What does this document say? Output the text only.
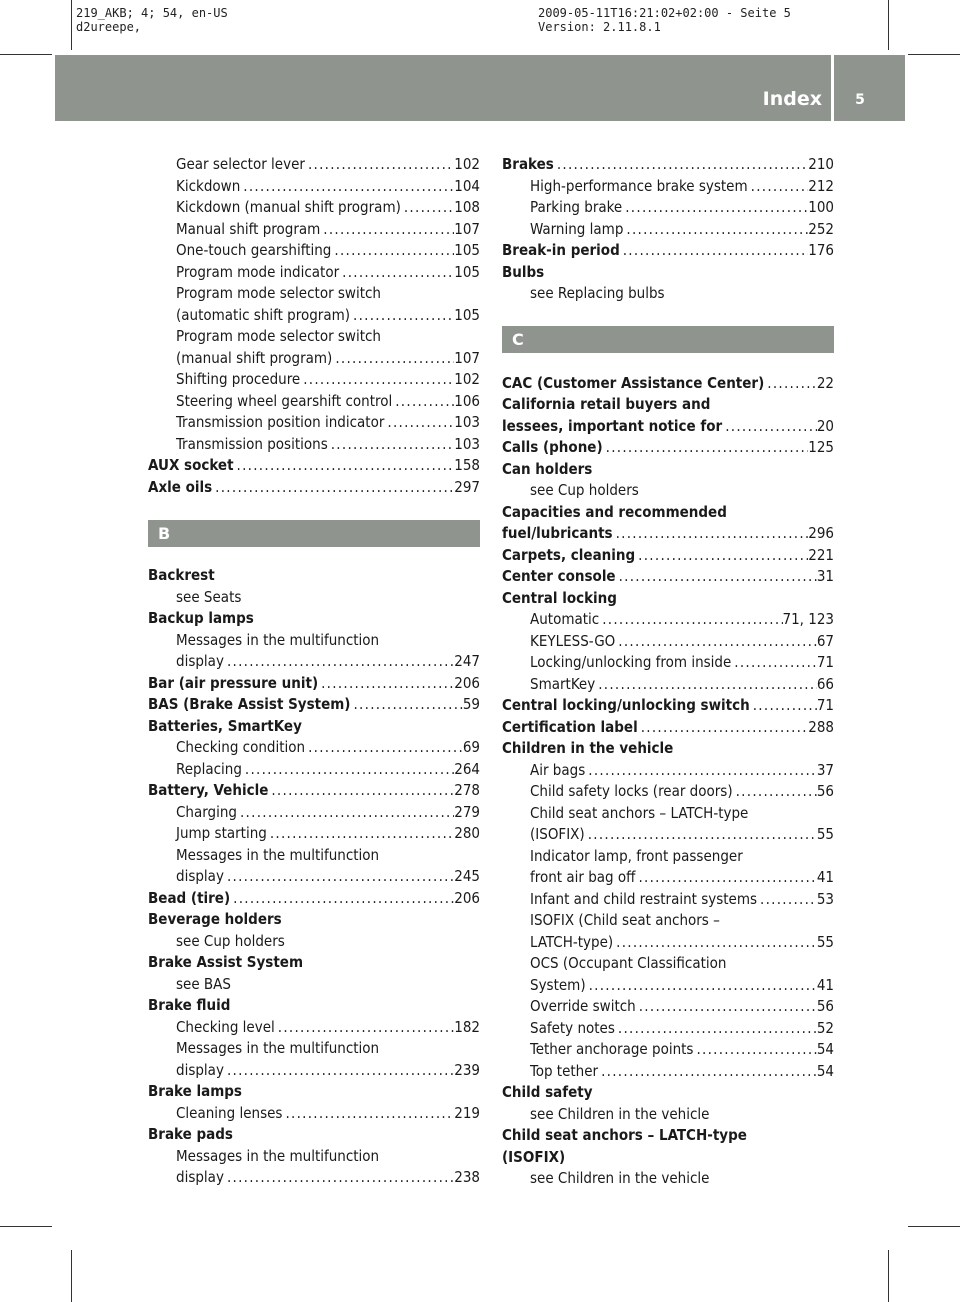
219_AKB; 4; 54, en-US
d2ureepe,
2009-05-11T16:21:02+02:00 - Seite 5
Version: 2.11.8.1
Index	5
Gear selector lever . . .	102
Kickdown . . .	104
Kickdown (manual shift program) . . .	108
Manual shift program . . .	107
One-touch gearshifting . . .	105
Program mode indicator . . .	105
Program mode selector switch
(automatic shift program) . . .	105
Program mode selector switch
(manual shift program) . . .	107
Shifting procedure . . .	102
Steering wheel gearshift control . . .	106
Transmission position indicator . . .	103
Transmission positions . . .	103
AUX socket . . .	158
Axle oils . . .	297
B
Backrest
see Seats
Backup lamps
Messages in the multifunction
display . . .	247
Bar (air pressure unit) . . .	206
BAS (Brake Assist System) . . .	59
Batteries, SmartKey
Checking condition . . .	69
Replacing . . .	264
Battery, Vehicle . . .	278
Charging . . .	279
Jump starting . . .	280
Messages in the multifunction
display . . .	245
Bead (tire) . . .	206
Beverage holders
see Cup holders
Brake Assist System
see BAS
Brake fluid
Checking level . . .	182
Messages in the multifunction
display . . .	239
Brake lamps
Cleaning lenses . . .	219
Brake pads
Messages in the multifunction
display . . .	238
Brakes . . .	210
High-performance brake system . . .	212
Parking brake . . .	100
Warning lamp . . .	252
Break-in period . . .	176
Bulbs
see Replacing bulbs
C
CAC (Customer Assistance Center) . . .	22
California retail buyers and
lessees, important notice for . . .	20
Calls (phone) . . .	125
Can holders
see Cup holders
Capacities and recommended
fuel/lubricants . . .	296
Carpets, cleaning . . .	221
Center console . . .	31
Central locking
Automatic . . .	71, 123
KEYLESS-GO . . .	67
Locking/unlocking from inside . . .	71
SmartKey . . .	66
Central locking/unlocking switch . . .	71
Certification label . . .	288
Children in the vehicle
Air bags . . .	37
Child safety locks (rear doors) . . .	56
Child seat anchors – LATCH-type
(ISOFIX) . . .	55
Indicator lamp, front passenger
front air bag off . . .	41
Infant and child restraint systems . . .	53
ISOFIX (Child seat anchors –
LATCH-type) . . .	55
OCS (Occupant Classification
System) . . .	41
Override switch . . .	56
Safety notes . . .	52
Tether anchorage points . . .	54
Top tether . . .	54
Child safety
see Children in the vehicle
Child seat anchors – LATCH-type
(ISOFIX)
see Children in the vehicle
